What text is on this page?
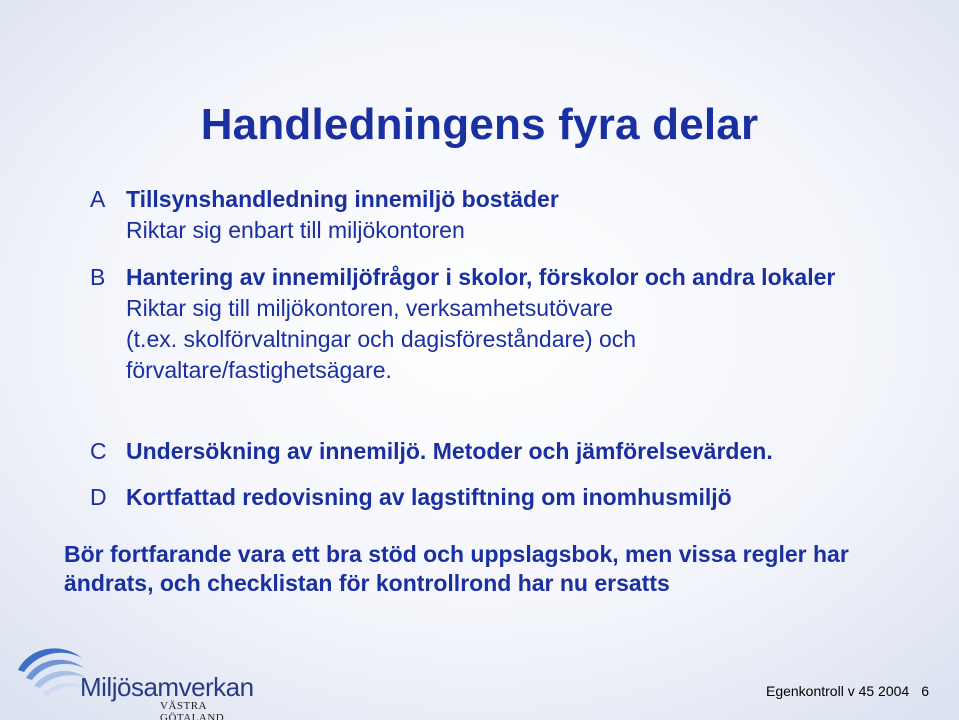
Handledningens fyra delar
A Tillsynshandledning innemiljö bostäder
Riktar sig enbart till miljökontoren
B Hantering av innemiljöfrågor i skolor, förskolor och andra lokaler
Riktar sig till miljökontoren, verksamhetsutövare (t.ex. skolförvaltningar och dagisföreståndare) och förvaltare/fastighetsägare.
C Undersökning av innemiljö. Metoder och jämförelsevärden.
D Kortfattad redovisning av lagstiftning om inomhusmiljö
Bör fortfarande vara ett bra stöd och uppslagsbok, men vissa regler har ändrats, och checklistan för kontrollrond har nu ersatts
Miljösamverkan
VÄSTRA GÖTALAND
Egenkontroll v 45 2004 6
